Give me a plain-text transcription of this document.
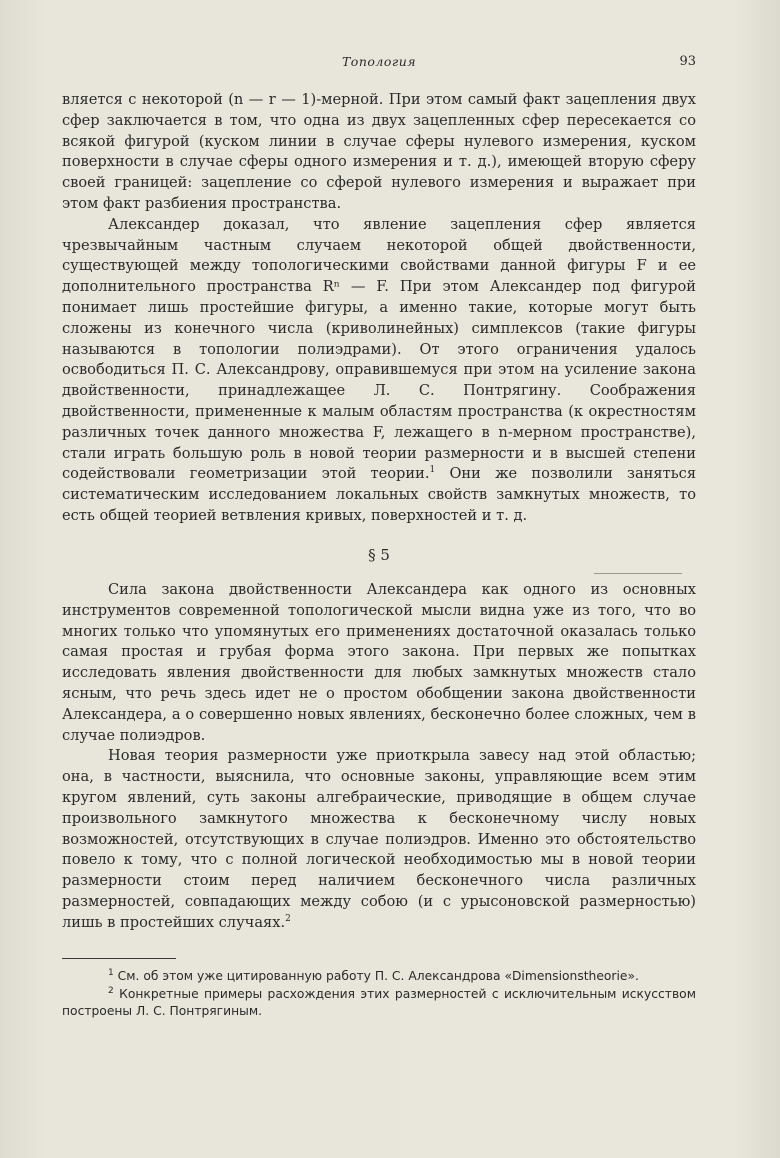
Топология	93

вляется с некоторой (n — r — 1)-мерной. При этом самый факт зацепления двух сфер заключается в том, что одна из двух зацепленных сфер пересекается со всякой фигурой (куском линии в случае сферы нулевого измерения, куском поверхности в случае сферы одного измерения и т. д.), имеющей вторую сферу своей границей: зацепление со сферой нулевого измерения и выражает при этом факт разбиения пространства.

Александер доказал, что явление зацепления сфер является чрезвычайным частным случаем некоторой общей двойственности, существующей между топологическими свойствами данной фигуры F и ее дополнительного пространства Rⁿ — F. При этом Александер под фигурой понимает лишь простейшие фигуры, а именно такие, которые могут быть сложены из конечного числа (криволинейных) симплексов (такие фигуры называются в топологии полиэдрами). От этого ограничения удалось освободиться П. С. Александрову, оправившемуся при этом на усиление закона двойственности, принадлежащее Л. С. Понтрягину. Соображения двойственности, примененные к малым областям пространства (к окрестностям различных точек данного множества F, лежащего в n-мерном пространстве), стали играть большую роль в новой теории размерности и в высшей степени содействовали геометризации этой теории.$^1$ Они же позволили заняться систематическим исследованием локальных свойств замкнутых множеств, то есть общей теорией ветвления кривых, поверхностей и т. д.

§ 5

Сила закона двойственности Александера как одного из основных инструментов современной топологической мысли видна уже из того, что во многих только что упомянутых его применениях достаточной оказалась только самая простая и грубая форма этого закона. При первых же попытках исследовать явления двойственности для любых замкнутых множеств стало ясным, что речь здесь идет не о простом обобщении закона двойственности Александера, а о совершенно новых явлениях, бесконечно более сложных, чем в случае полиэдров.

Новая теория размерности уже приоткрыла завесу над этой областью; она, в частности, выяснила, что основные законы, управляющие всем этим кругом явлений, суть законы алгебраические, приводящие в общем случае произвольного замкнутого множества к бесконечному числу новых возможностей, отсутствующих в случае полиэдров. Именно это обстоятельство повело к тому, что с полной логической необходимостью мы в новой теории размерности стоим перед наличием бесконечного числа различных размерностей, совпадающих между собою (и с урысоновской размерностью) лишь в простейших случаях.$^2$

$^1$ См. об этом уже цитированную работу П. С. Александрова «Dimensionstheorie».

$^2$ Конкретные примеры расхождения этих размерностей с исключительным искусством построены Л. С. Понтрягиным.
